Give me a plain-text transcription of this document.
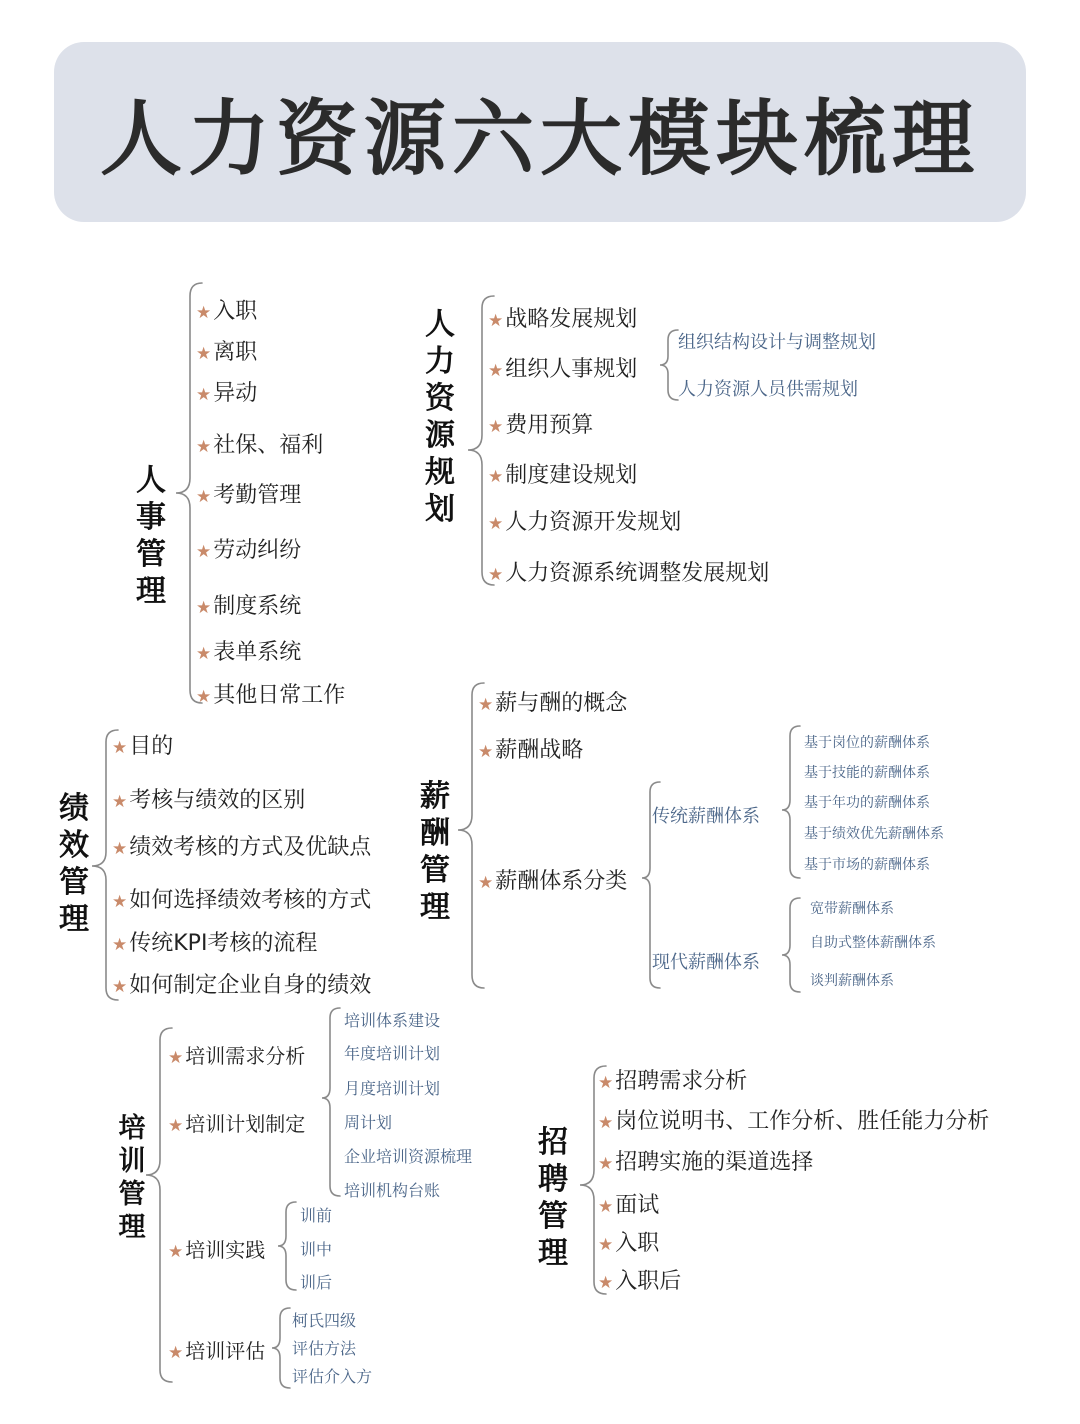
人力资源六大模块梳理
人事管理
★入职
★离职
★异动
★社保、福利
★考勤管理
★劳动纠纷
★制度系统
★表单系统
★其他日常工作
人力资源规划
★战略发展规划
★组织人事规划
★费用预算
★制度建设规划
★人力资源开发规划
★人力资源系统调整发展规划
组织结构设计与调整规划
人力资源人员供需规划
薪酬管理
★薪与酬的概念
★薪酬战略
★薪酬体系分类
传统薪酬体系
现代薪酬体系
基于岗位的薪酬体系
基于技能的薪酬体系
基于年功的薪酬体系
基于绩效优先薪酬体系
基于市场的薪酬体系
宽带薪酬体系
自助式整体薪酬体系
谈判薪酬体系
绩效管理
★目的
★考核与绩效的区别
★绩效考核的方式及优缺点
★如何选择绩效考核的方式
★传统KPI考核的流程
★如何制定企业自身的绩效
培训管理
★ 培训需求分析
★ 培训计划制定
★ 培训实践
★ 培训评估
培训体系建设
年度培训计划
月度培训计划
周计划
企业培训资源梳理
培训机构台账
训前
训中
训后
柯氏四级
评估方法
评估介入方
招聘管理
★招聘需求分析
★岗位说明书、工作分析、胜任能力分析
★招聘实施的渠道选择
★面试
★入职
★入职后
